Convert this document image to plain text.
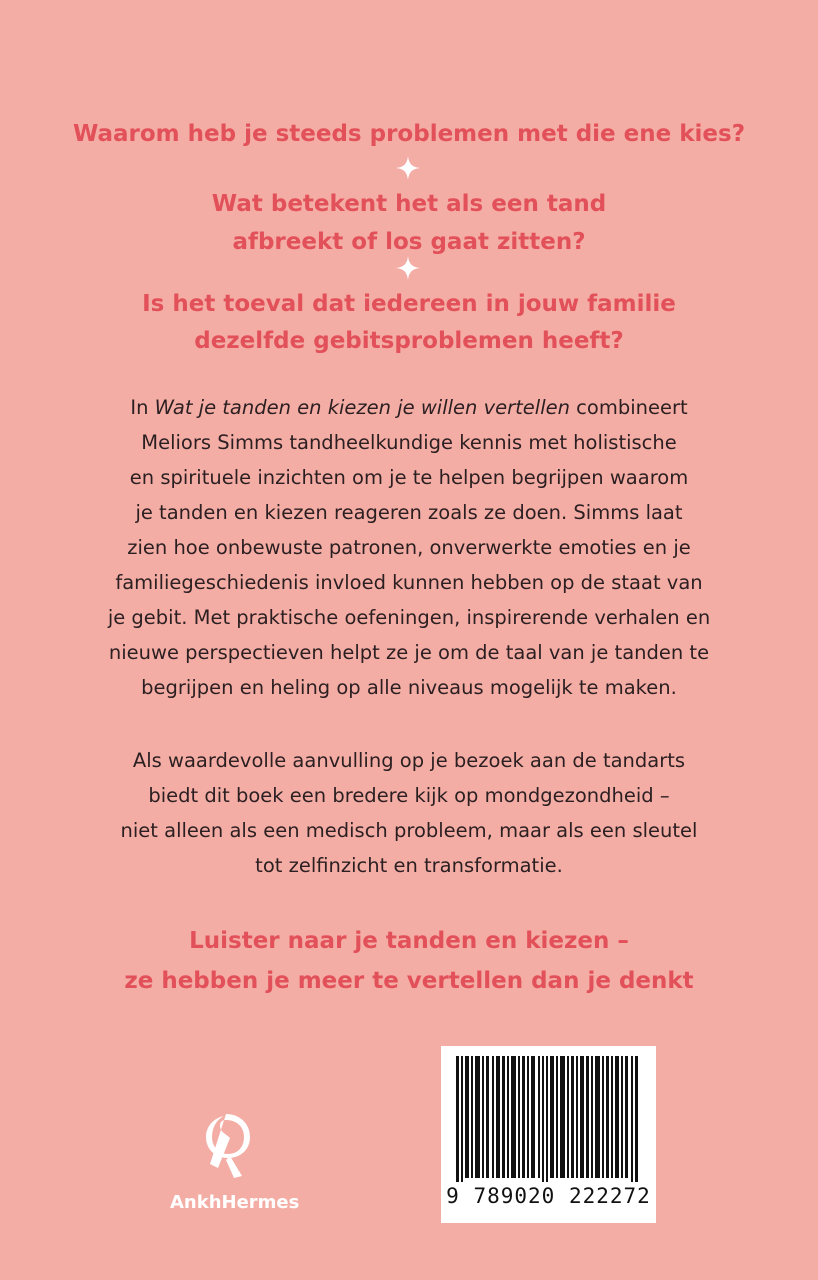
Waarom heb je steeds problemen met die ene kies?
Wat betekent het als een tand
afbreekt of los gaat zitten?
Is het toeval dat iedereen in jouw familie
dezelfde gebitsproblemen heeft?
In Wat je tanden en kiezen je willen vertellen combineert
Meliors Simms tandheelkundige kennis met holistische
en spirituele inzichten om je te helpen begrijpen waarom
je tanden en kiezen reageren zoals ze doen. Simms laat
zien hoe onbewuste patronen, onverwerkte emoties en je
familiegeschiedenis invloed kunnen hebben op de staat van
je gebit. Met praktische oefeningen, inspirerende verhalen en
nieuwe perspectieven helpt ze je om de taal van je tanden te
begrijpen en heling op alle niveaus mogelijk te maken.
Als waardevolle aanvulling op je bezoek aan de tandarts
biedt dit boek een bredere kijk op mondgezondheid –
niet alleen als een medisch probleem, maar als een sleutel
tot zelfinzicht en transformatie.
Luister naar je tanden en kiezen –
ze hebben je meer te vertellen dan je denkt
AnkhHermes	9 789020 222272
